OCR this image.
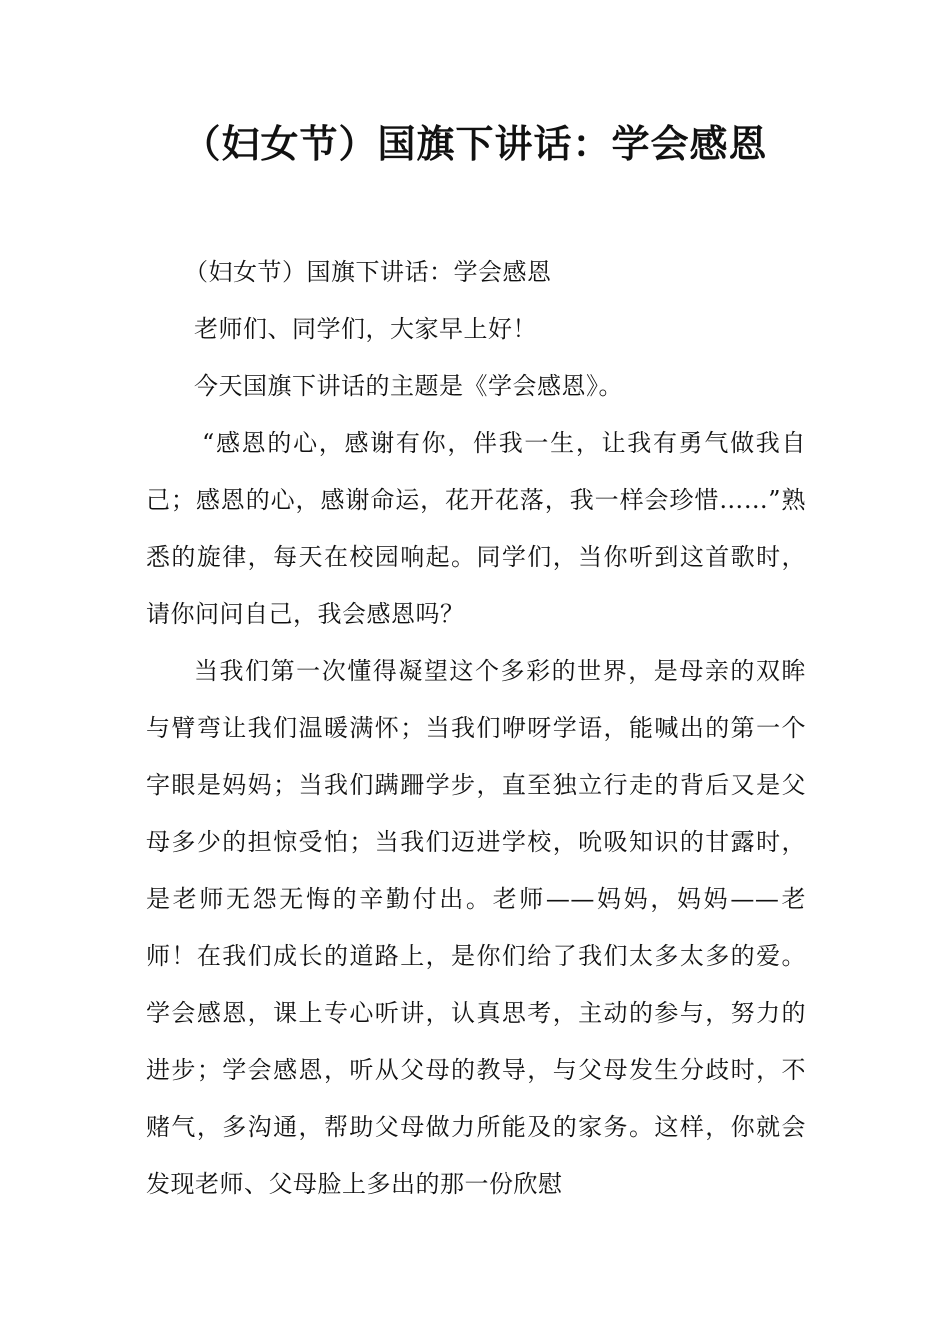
（妇女节）国旗下讲话：学会感恩

（妇女节）国旗下讲话：学会感恩

老师们、同学们，大家早上好！

今天国旗下讲话的主题是《学会感恩》。

“感恩的心，感谢有你，伴我一生，让我有勇气做我自己；感恩的心，感谢命运，花开花落，我一样会珍惜……”熟悉的旋律，每天在校园响起。同学们，当你听到这首歌时，请你问问自己，我会感恩吗？

当我们第一次懂得凝望这个多彩的世界，是母亲的双眸与臂弯让我们温暖满怀；当我们咿呀学语，能喊出的第一个字眼是妈妈；当我们蹒跚学步，直至独立行走的背后又是父母多少的担惊受怕；当我们迈进学校，吮吸知识的甘露时，是老师无怨无悔的辛勤付出。老师——妈妈，妈妈——老师！在我们成长的道路上，是你们给了我们太多太多的爱。学会感恩，课上专心听讲，认真思考，主动的参与，努力的进步；学会感恩，听从父母的教导，与父母发生分歧时，不赌气，多沟通，帮助父母做力所能及的家务。这样，你就会发现老师、父母脸上多出的那一份欣慰
